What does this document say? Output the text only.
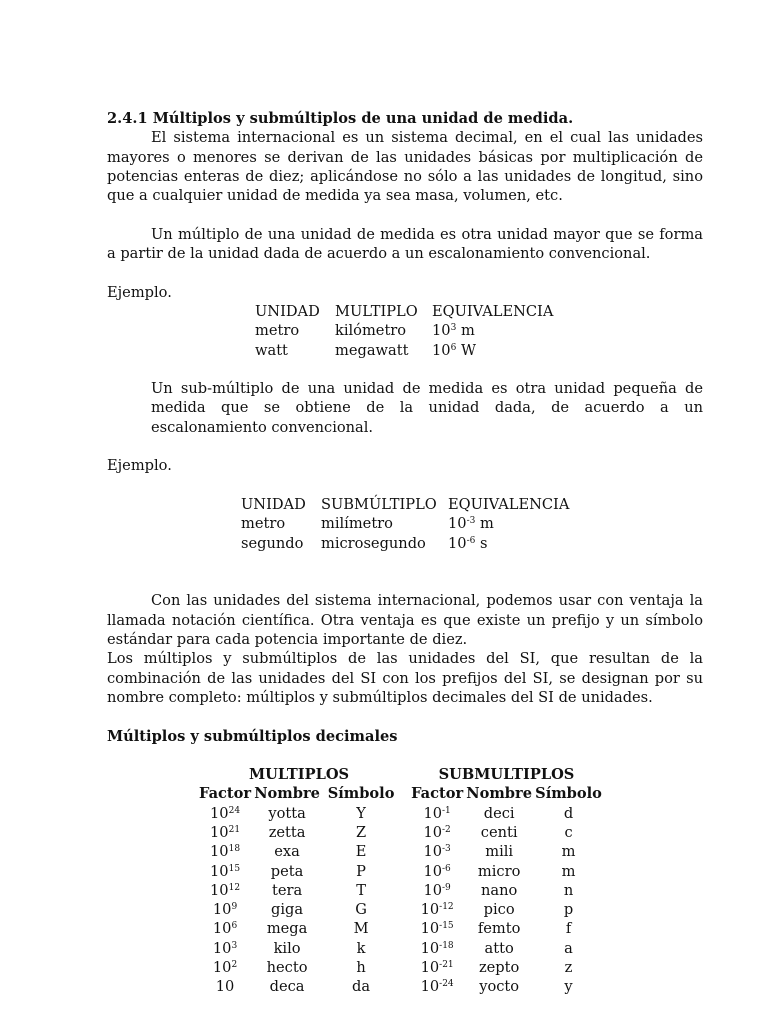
2.4.1 Múltiplos y submúltiplos de una unidad de medida.

El sistema internacional es un sistema decimal, en el cual las unidades mayores o menores se derivan de las unidades básicas por multiplicación de potencias enteras de diez; aplicándose no sólo a las unidades de longitud, sino que a cualquier unidad de medida ya sea masa, volumen, etc.

Un múltiplo de una unidad de medida es otra unidad mayor que se forma a partir de la unidad dada de acuerdo a un escalonamiento convencional.

Ejemplo.

UNIDAD	MULTIPLO	EQUIVALENCIA
metro	kilómetro	$10^3$ m
watt	megawatt	$10^6$ W

Un sub-múltiplo de una unidad de medida es otra unidad pequeña de medida que se obtiene de la unidad dada, de acuerdo a un escalonamiento convencional.

Ejemplo.

UNIDAD	SUBMÚLTIPLO	EQUIVALENCIA
metro	milímetro	$10^{-3}$ m
segundo	microsegundo	$10^{-6}$ s

Con las unidades del sistema internacional, podemos usar con ventaja la llamada notación científica. Otra ventaja es que existe un prefijo y un símbolo estándar para cada potencia importante de diez.

Los múltiplos y submúltiplos de las unidades del SI, que resultan de la combinación de las unidades del SI con los prefijos del SI, se designan por su nombre completo: múltiplos y submúltiplos decimales del SI de unidades.

Múltiplos y submúltiplos decimales
MULTIPLOS				SUBMULTIPLOS		
Factor	Nombre	Símbolo		Factor	Nombre	Símbolo
$10^{24}$	yotta	Y		$10^{-1}$	deci	d
$10^{21}$	zetta	Z		$10^{-2}$	centi	c
$10^{18}$	exa	E		$10^{-3}$	mili	m
$10^{15}$	peta	P		$10^{-6}$	micro	m
$10^{12}$	tera	T		$10^{-9}$	nano	n
$10^9$	giga	G		$10^{-12}$	pico	p
$10^6$	mega	M		$10^{-15}$	femto	f
$10^3$	kilo	k		$10^{-18}$	atto	a
$10^2$	hecto	h		$10^{-21}$	zepto	z
10	deca	da		$10^{-24}$	yocto	y
